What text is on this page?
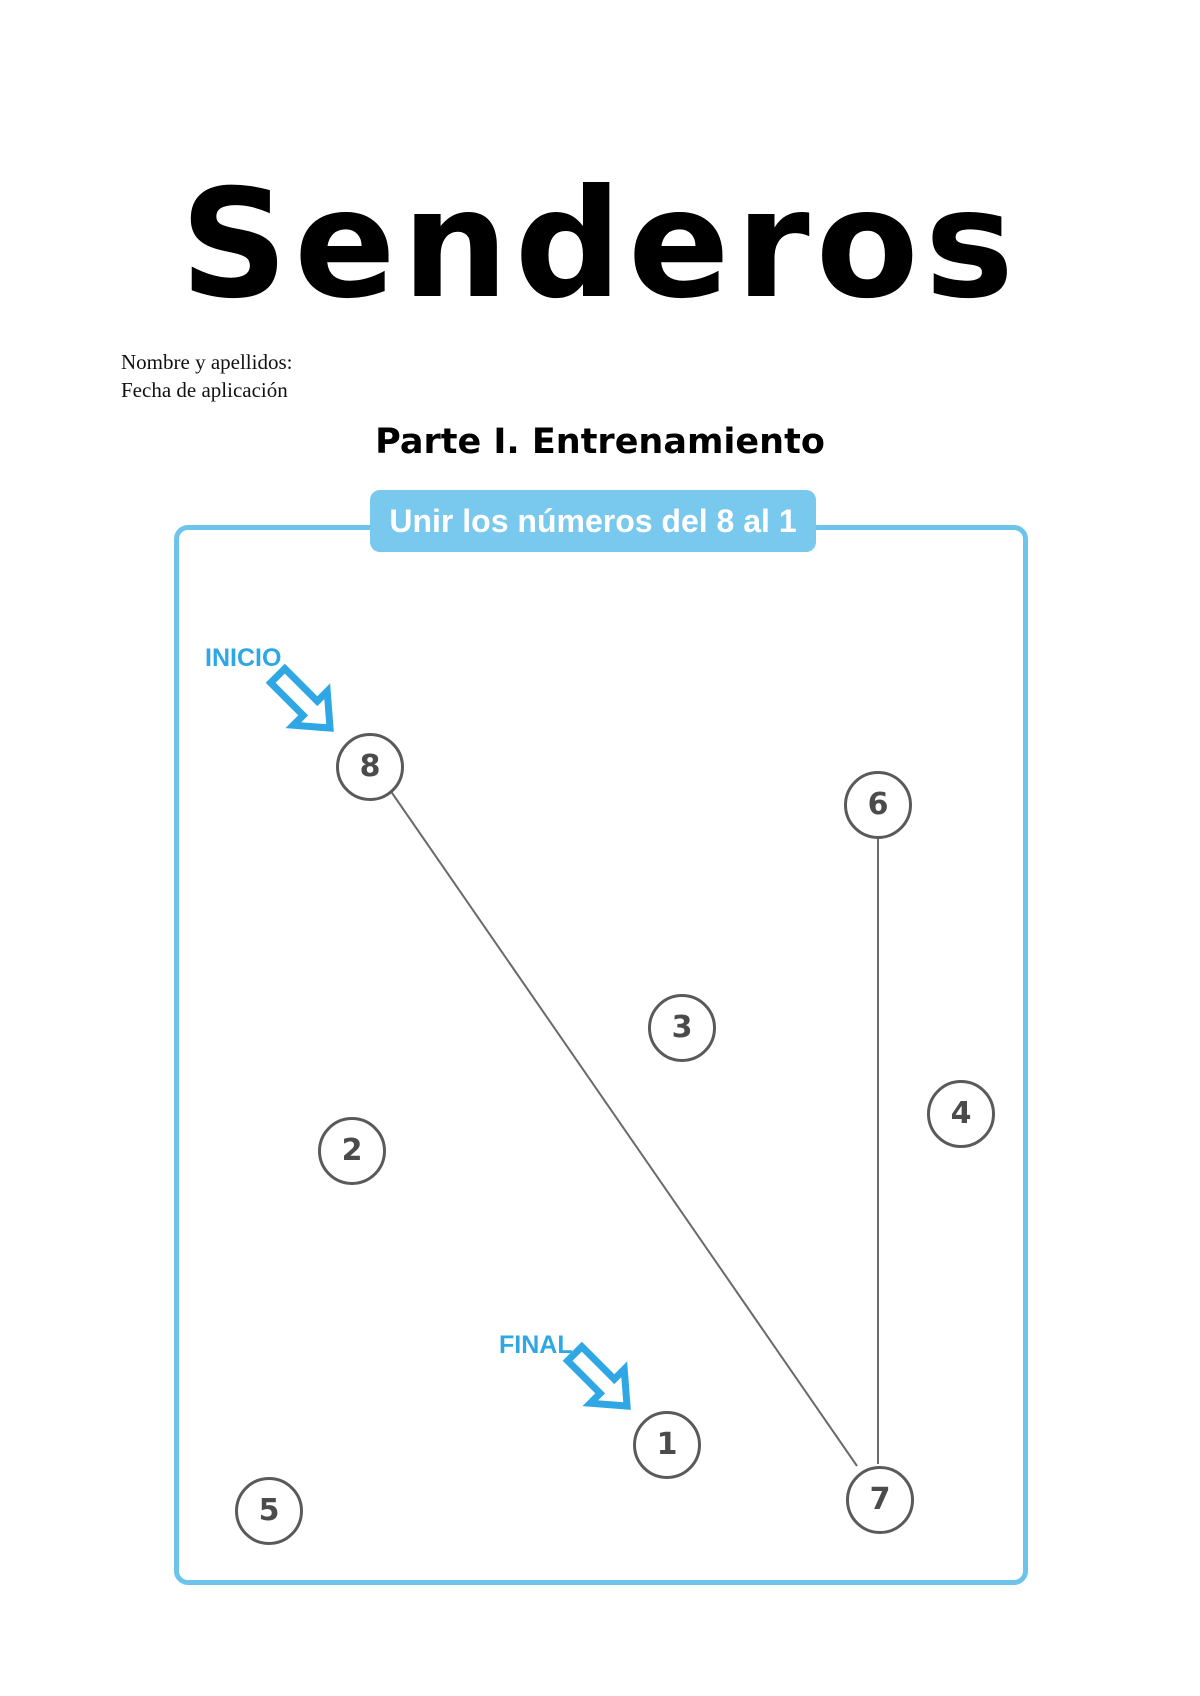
Senderos
Nombre y apellidos:
Fecha de aplicación
Parte I. Entrenamiento
Unir los números del 8 al 1
INICIO
FINAL
8
6
3
4
2
1
7
5
